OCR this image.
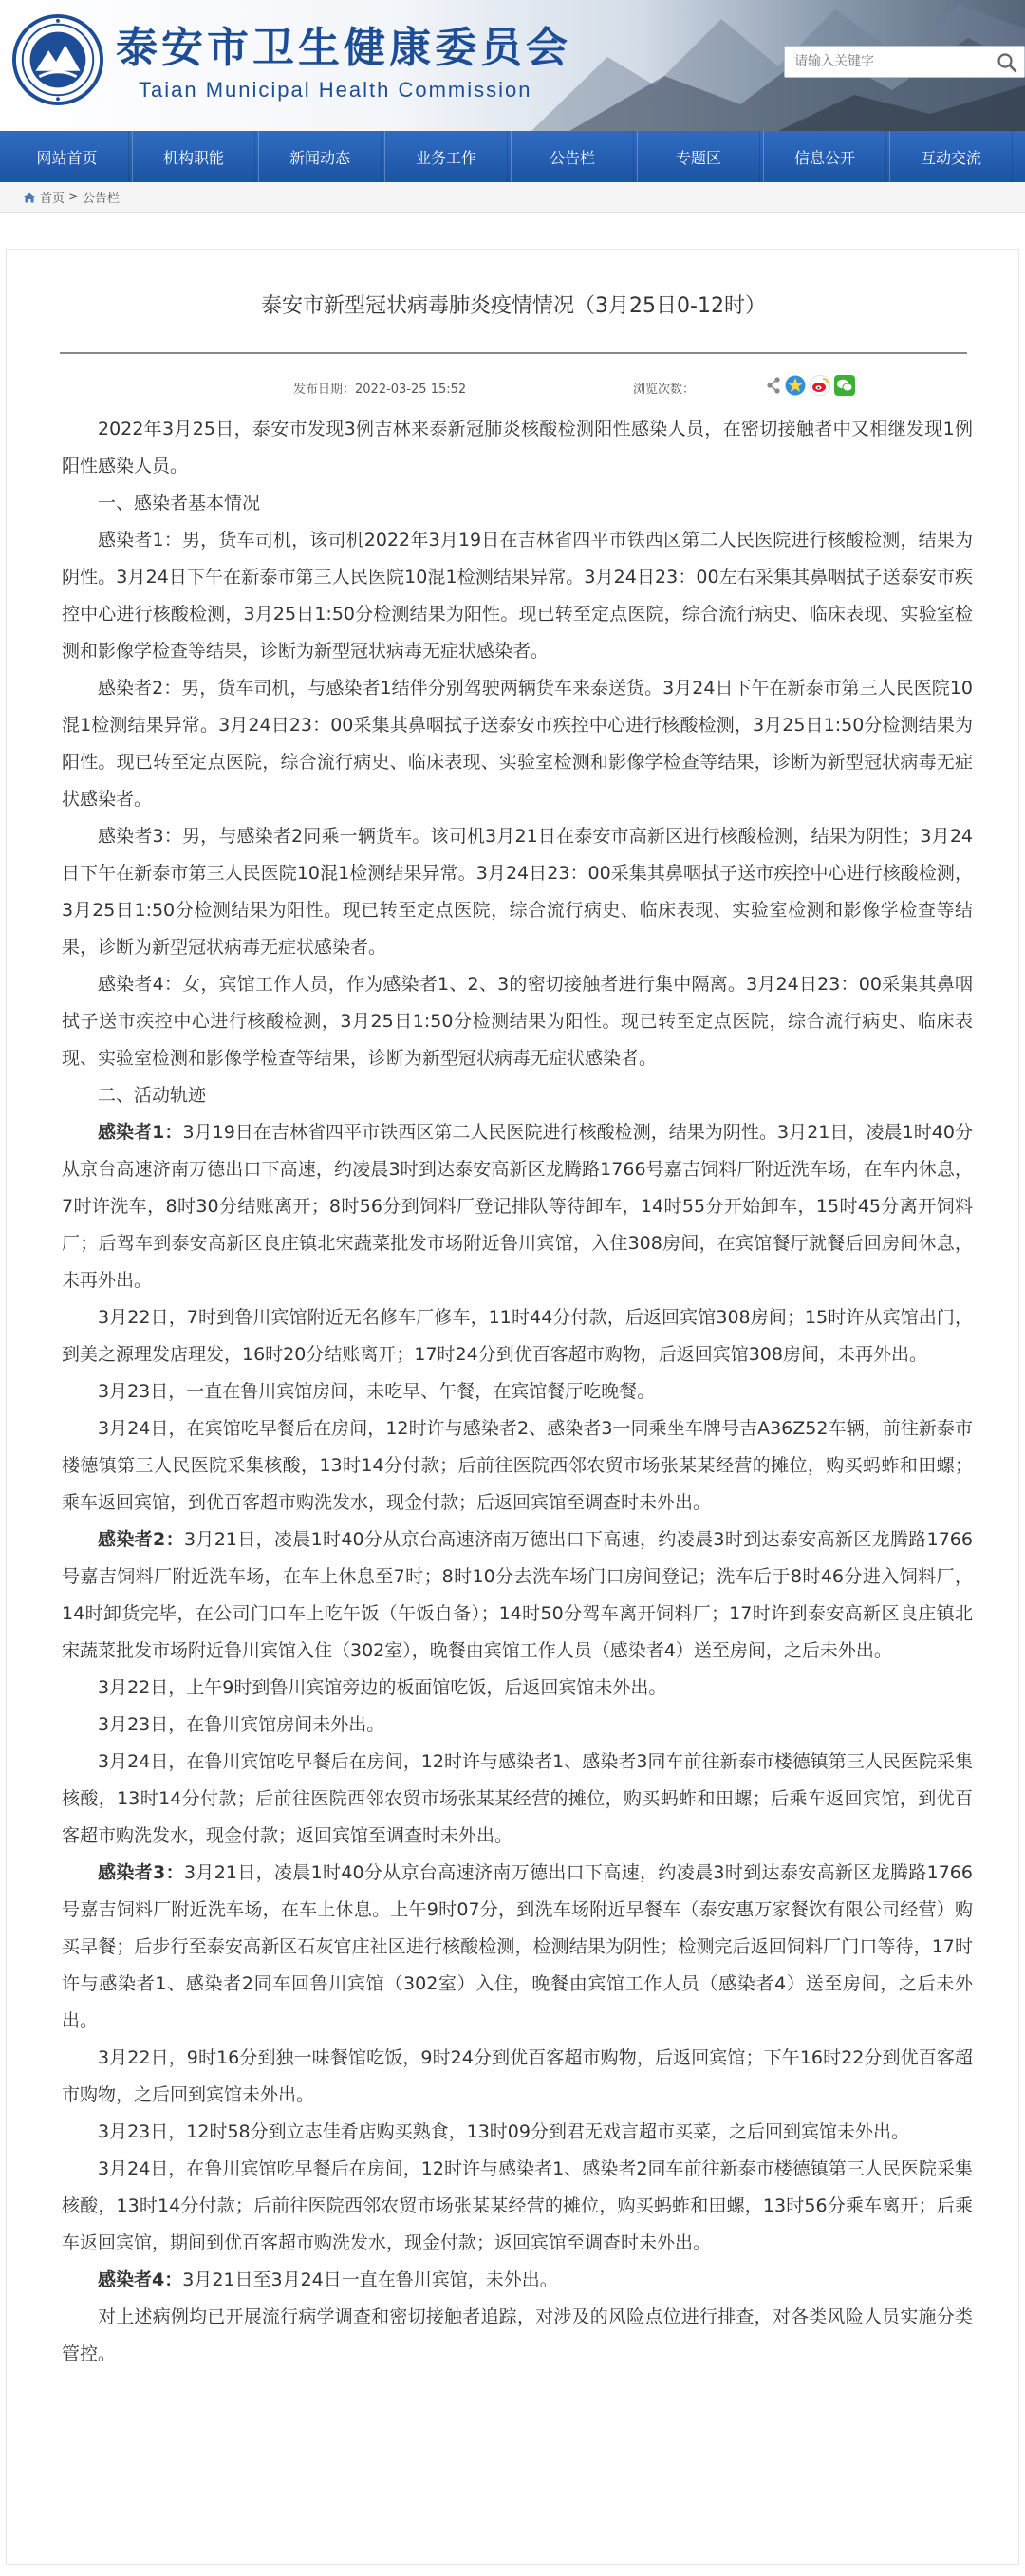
泰安市卫生健康委员会
Taian Municipal Health Commission
请输入关键字
网站首页	机构职能	新闻动态	业务工作	公告栏	专题区	信息公开	互动交流
首页 > 公告栏
泰安市新型冠状病毒肺炎疫情情况（3月25日0-12时）
发布日期：2022-03-25 15:52	浏览次数：

2022年3月25日，泰安市发现3例吉林来泰新冠肺炎核酸检测阳性感染人员，在密切接触者中又相继发现1例阳性感染人员。

一、感染者基本情况

感染者1：男，货车司机，该司机2022年3月19日在吉林省四平市铁西区第二人民医院进行核酸检测，结果为阴性。3月24日下午在新泰市第三人民医院10混1检测结果异常。3月24日23：00左右采集其鼻咽拭子送泰安市疾控中心进行核酸检测，3月25日1:50分检测结果为阳性。现已转至定点医院，综合流行病史、临床表现、实验室检测和影像学检查等结果，诊断为新型冠状病毒无症状感染者。

感染者2：男，货车司机，与感染者1结伴分别驾驶两辆货车来泰送货。3月24日下午在新泰市第三人民医院10混1检测结果异常。3月24日23：00采集其鼻咽拭子送泰安市疾控中心进行核酸检测，3月25日1:50分检测结果为阳性。现已转至定点医院，综合流行病史、临床表现、实验室检测和影像学检查等结果，诊断为新型冠状病毒无症状感染者。

感染者3：男，与感染者2同乘一辆货车。该司机3月21日在泰安市高新区进行核酸检测，结果为阴性；3月24日下午在新泰市第三人民医院10混1检测结果异常。3月24日23：00采集其鼻咽拭子送市疾控中心进行核酸检测，3月25日1:50分检测结果为阳性。现已转至定点医院，综合流行病史、临床表现、实验室检测和影像学检查等结果，诊断为新型冠状病毒无症状感染者。

感染者4：女，宾馆工作人员，作为感染者1、2、3的密切接触者进行集中隔离。3月24日23：00采集其鼻咽拭子送市疾控中心进行核酸检测，3月25日1:50分检测结果为阳性。现已转至定点医院，综合流行病史、临床表现、实验室检测和影像学检查等结果，诊断为新型冠状病毒无症状感染者。

二、活动轨迹

感染者1：3月19日在吉林省四平市铁西区第二人民医院进行核酸检测，结果为阴性。3月21日，凌晨1时40分从京台高速济南万德出口下高速，约凌晨3时到达泰安高新区龙腾路1766号嘉吉饲料厂附近洗车场，在车内休息，7时许洗车，8时30分结账离开；8时56分到饲料厂登记排队等待卸车，14时55分开始卸车，15时45分离开饲料厂；后驾车到泰安高新区良庄镇北宋蔬菜批发市场附近鲁川宾馆，入住308房间，在宾馆餐厅就餐后回房间休息，未再外出。

3月22日，7时到鲁川宾馆附近无名修车厂修车，11时44分付款，后返回宾馆308房间；15时许从宾馆出门，到美之源理发店理发，16时20分结账离开；17时24分到优百客超市购物，后返回宾馆308房间，未再外出。

3月23日，一直在鲁川宾馆房间，未吃早、午餐，在宾馆餐厅吃晚餐。

3月24日，在宾馆吃早餐后在房间，12时许与感染者2、感染者3一同乘坐车牌号吉A36Z52车辆，前往新泰市楼德镇第三人民医院采集核酸，13时14分付款；后前往医院西邻农贸市场张某某经营的摊位，购买蚂蚱和田螺；乘车返回宾馆，到优百客超市购洗发水，现金付款；后返回宾馆至调查时未外出。

感染者2：3月21日，凌晨1时40分从京台高速济南万德出口下高速，约凌晨3时到达泰安高新区龙腾路1766号嘉吉饲料厂附近洗车场，在车上休息至7时；8时10分去洗车场门口房间登记；洗车后于8时46分进入饲料厂，14时卸货完毕，在公司门口车上吃午饭（午饭自备）；14时50分驾车离开饲料厂；17时许到泰安高新区良庄镇北宋蔬菜批发市场附近鲁川宾馆入住（302室），晚餐由宾馆工作人员（感染者4）送至房间，之后未外出。

3月22日，上午9时到鲁川宾馆旁边的板面馆吃饭，后返回宾馆未外出。

3月23日，在鲁川宾馆房间未外出。

3月24日，在鲁川宾馆吃早餐后在房间，12时许与感染者1、感染者3同车前往新泰市楼德镇第三人民医院采集核酸，13时14分付款；后前往医院西邻农贸市场张某某经营的摊位，购买蚂蚱和田螺；后乘车返回宾馆，到优百客超市购洗发水，现金付款；返回宾馆至调查时未外出。

感染者3：3月21日，凌晨1时40分从京台高速济南万德出口下高速，约凌晨3时到达泰安高新区龙腾路1766号嘉吉饲料厂附近洗车场，在车上休息。上午9时07分，到洗车场附近早餐车（泰安惠万家餐饮有限公司经营）购买早餐；后步行至泰安高新区石灰官庄社区进行核酸检测，检测结果为阴性；检测完后返回饲料厂门口等待，17时许与感染者1、感染者2同车回鲁川宾馆（302室）入住，晚餐由宾馆工作人员（感染者4）送至房间，之后未外出。

3月22日，9时16分到独一味餐馆吃饭，9时24分到优百客超市购物，后返回宾馆；下午16时22分到优百客超市购物，之后回到宾馆未外出。

3月23日，12时58分到立志佳肴店购买熟食，13时09分到君无戏言超市买菜，之后回到宾馆未外出。

3月24日，在鲁川宾馆吃早餐后在房间，12时许与感染者1、感染者2同车前往新泰市楼德镇第三人民医院采集核酸，13时14分付款；后前往医院西邻农贸市场张某某经营的摊位，购买蚂蚱和田螺，13时56分乘车离开；后乘车返回宾馆，期间到优百客超市购洗发水，现金付款；返回宾馆至调查时未外出。

感染者4：3月21日至3月24日一直在鲁川宾馆，未外出。

对上述病例均已开展流行病学调查和密切接触者追踪，对涉及的风险点位进行排查，对各类风险人员实施分类管控。
